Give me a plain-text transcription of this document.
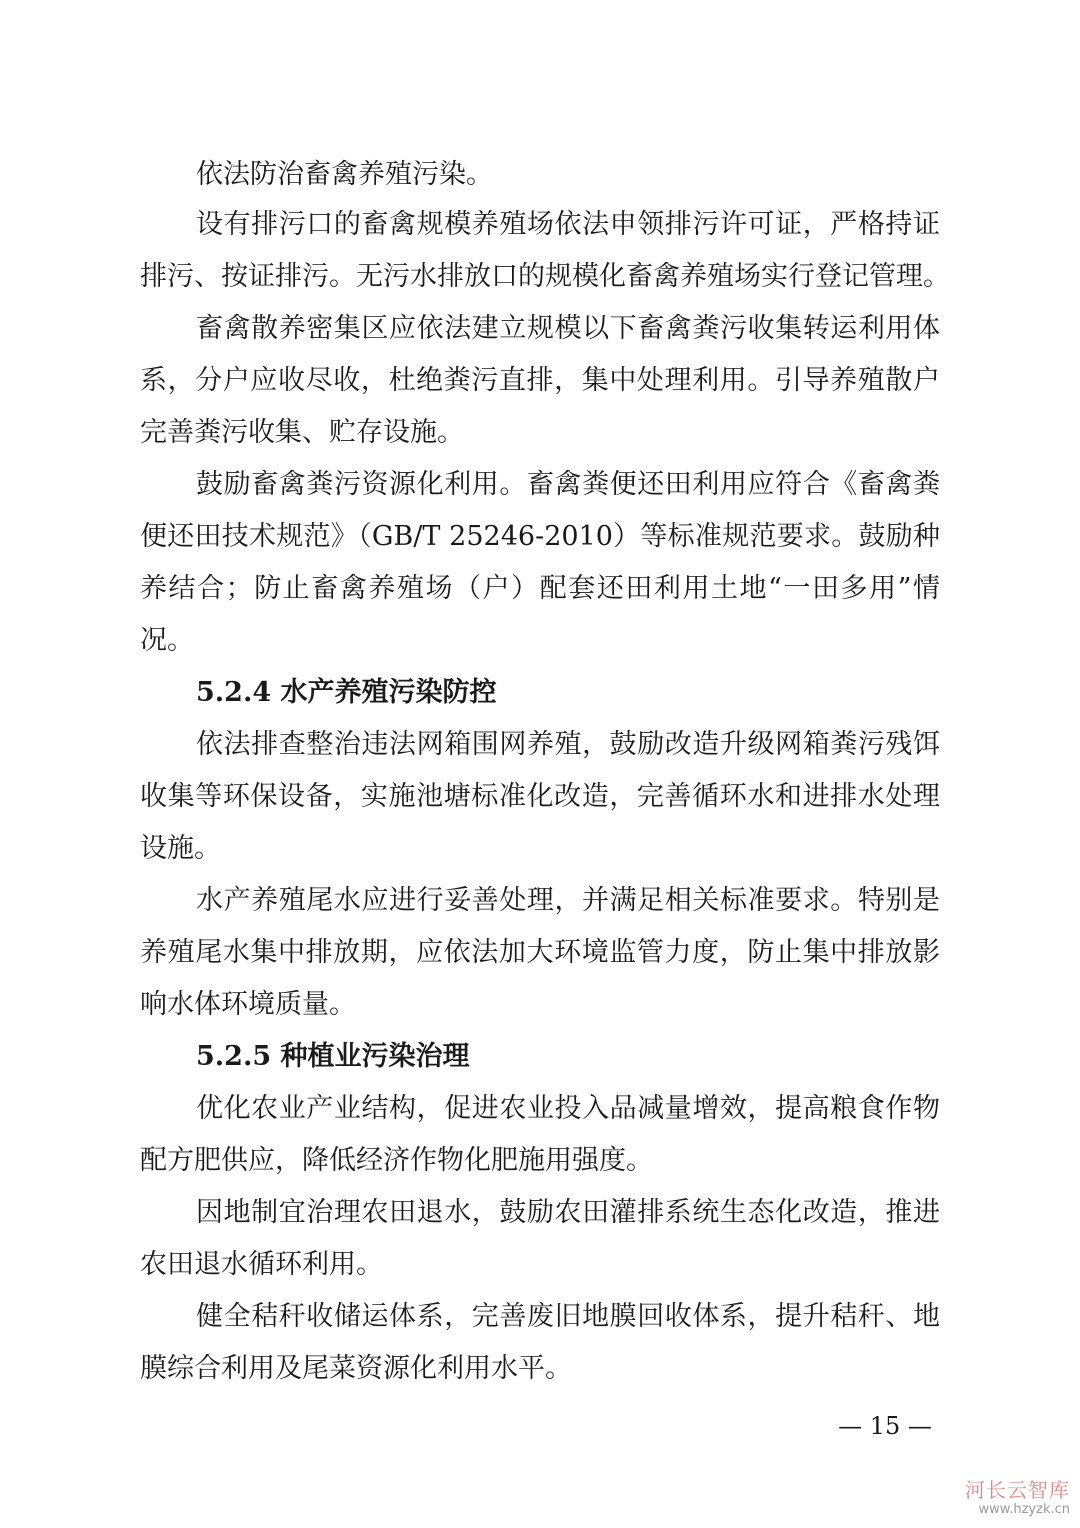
依法防治畜禽养殖污染。
设有排污口的畜禽规模养殖场依法申领排污许可证，严格持证
排污、按证排污。无污水排放口的规模化畜禽养殖场实行登记管理。
畜禽散养密集区应依法建立规模以下畜禽粪污收集转运利用体
系，分户应收尽收，杜绝粪污直排，集中处理利用。引导养殖散户
完善粪污收集、贮存设施。
鼓励畜禽粪污资源化利用。畜禽粪便还田利用应符合《畜禽粪
便还田技术规范》（GB/T 25246-2010）等标准规范要求。鼓励种
养结合；防止畜禽养殖场（户）配套还田利用土地“一田多用”情
况。
5.2.4 水产养殖污染防控
依法排查整治违法网箱围网养殖，鼓励改造升级网箱粪污残饵
收集等环保设备，实施池塘标准化改造，完善循环水和进排水处理
设施。
水产养殖尾水应进行妥善处理，并满足相关标准要求。特别是
养殖尾水集中排放期，应依法加大环境监管力度，防止集中排放影
响水体环境质量。
5.2.5 种植业污染治理
优化农业产业结构，促进农业投入品减量增效，提高粮食作物
配方肥供应，降低经济作物化肥施用强度。
因地制宜治理农田退水，鼓励农田灌排系统生态化改造，推进
农田退水循环利用。
健全秸秆收储运体系，完善废旧地膜回收体系，提升秸秆、地
膜综合利用及尾菜资源化利用水平。
— 15 —
河长云智库
www.hzyzk.cn
